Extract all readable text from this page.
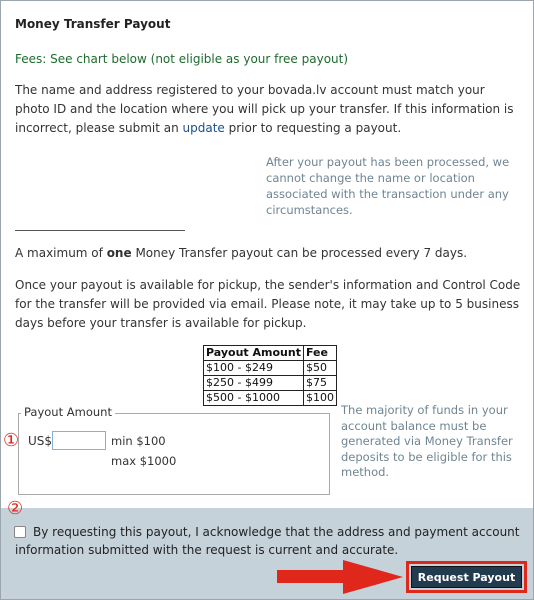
Money Transfer Payout
Fees: See chart below (not eligible as your free payout)
The name and address registered to your bovada.lv account must match your photo ID and the location where you will pick up your transfer. If this information is incorrect, please submit an update prior to requesting a payout.
After your payout has been processed, we cannot change the name or location associated with the transaction under any circumstances.
A maximum of one Money Transfer payout can be processed every 7 days.
Once your payout is available for pickup, the sender's information and Control Code for the transfer will be provided via email. Please note, it may take up to 5 business days before your transfer is available for pickup.
Payout Amount	Fee
$100 - $249	$50
$250 - $499	$75
$500 - $1000	$100
Payout Amount
① US$	min $100
max $1000
The majority of funds in your account balance must be generated via Money Transfer deposits to be eligible for this method.
②
By requesting this payout, I acknowledge that the address and payment account information submitted with the request is current and accurate.
Request Payout
